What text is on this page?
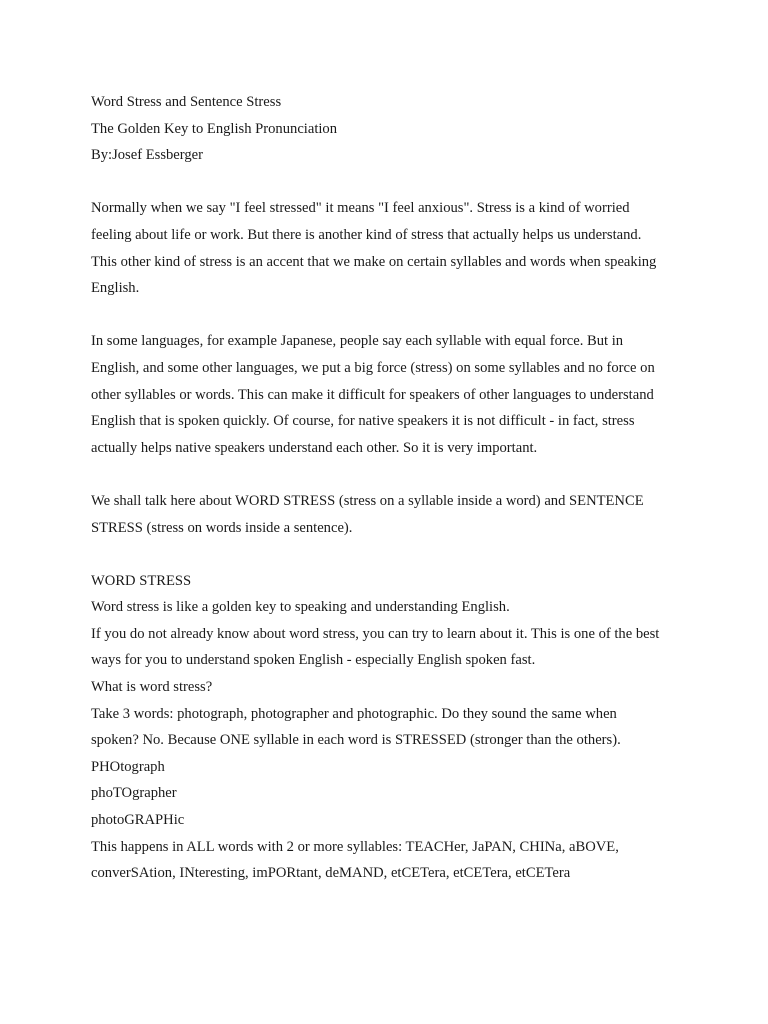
Word Stress and Sentence Stress
The Golden Key to English Pronunciation
By:Josef Essberger
Normally when we say "I feel stressed" it means "I feel anxious". Stress is a kind of worried
feeling about life or work. But there is another kind of stress that actually helps us understand.
This other kind of stress is an accent that we make on certain syllables and words when speaking
English.
In some languages, for example Japanese, people say each syllable with equal force. But in
English, and some other languages, we put a big force (stress) on some syllables and no force on
other syllables or words. This can make it difficult for speakers of other languages to understand
English that is spoken quickly. Of course, for native speakers it is not difficult - in fact, stress
actually helps native speakers understand each other. So it is very important.
We shall talk here about WORD STRESS (stress on a syllable inside a word) and SENTENCE
STRESS (stress on words inside a sentence).
WORD STRESS
Word stress is like a golden key to speaking and understanding English.
If you do not already know about word stress, you can try to learn about it. This is one of the best
ways for you to understand spoken English - especially English spoken fast.
What is word stress?
Take 3 words: photograph, photographer and photographic. Do they sound the same when
spoken? No. Because ONE syllable in each word is STRESSED (stronger than the others).
PHOtograph
phoTOgrapher
photoGRAPHic
This happens in ALL words with 2 or more syllables: TEACHer, JaPAN, CHINa, aBOVE,
converSAtion, INteresting, imPORtant, deMAND, etCETera, etCETera, etCETera
